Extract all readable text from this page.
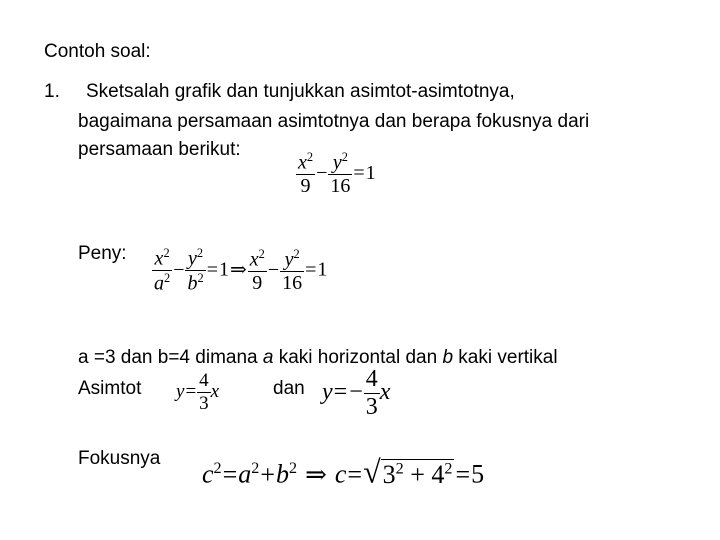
Contoh soal:
1. Sketsalah grafik dan tunjukkan asimtot-asimtotnya,
bagaimana persamaan asimtotnya dan berapa fokusnya dari
persamaan berikut:
$\frac{x^2}{9} - \frac{y^2}{16} =1$
Peny: $\frac{x^2}{a^2} - \frac{y^2}{b^2}$ =1⇒ $\frac{x^2}{9} - \frac{y^2}{16} =1$
a =3 dan b=4 dimana a kaki horizontal dan b kaki vertikal
Asimtot $y= \frac{4}{3}$ x	dan $y=- \frac{4}{3}$ x
Fokusnya
$c^2=a^2+b^2$ ⇒ $c=√3^2 + 4^2 =5$
